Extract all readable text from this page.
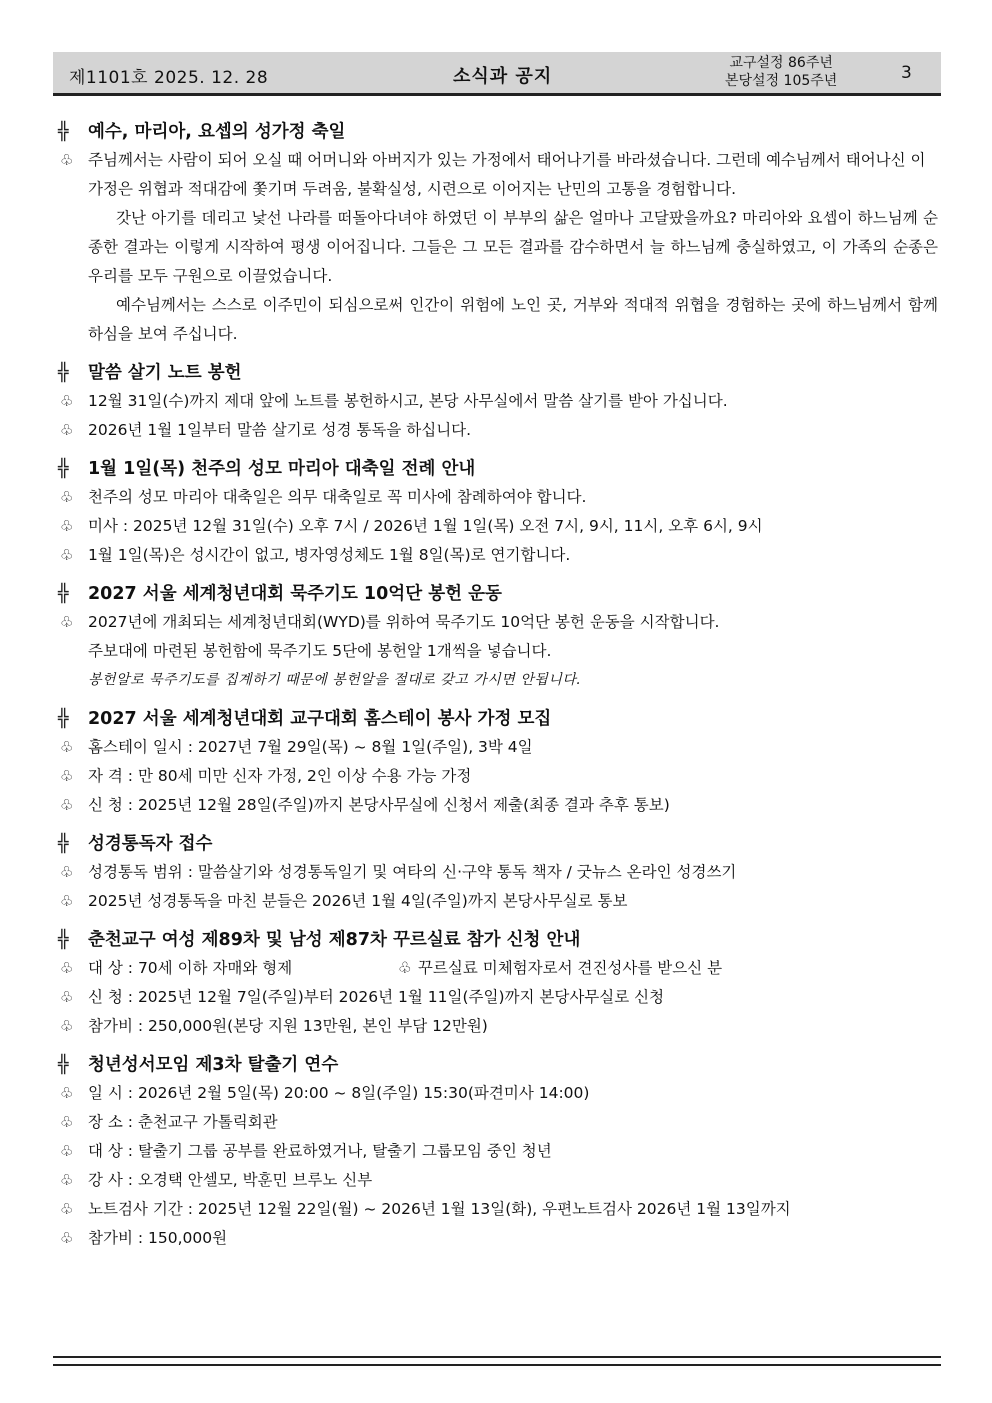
제1101호 2025. 12. 28	소식과 공지
교구설정 86주년
본당설정 105주년	3
╬ 예수, 마리아, 요셉의 성가정 축일
♧ 주님께서는 사람이 되어 오실 때 어머니와 아버지가 있는 가정에서 태어나기를 바라셨습니다. 그런데 예수님께서 태어나신 이 가정은 위협과 적대감에 쫓기며 두려움, 불확실성, 시련으로 이어지는 난민의 고통을 경험합니다.
갓난 아기를 데리고 낯선 나라를 떠돌아다녀야 하였던 이 부부의 삶은 얼마나 고달팠을까요? 마리아와 요셉이 하느님께 순종한 결과는 이렇게 시작하여 평생 이어집니다. 그들은 그 모든 결과를 감수하면서 늘 하느님께 충실하였고, 이 가족의 순종은 우리를 모두 구원으로 이끌었습니다.
예수님께서는 스스로 이주민이 되심으로써 인간이 위험에 노인 곳, 거부와 적대적 위협을 경험하는 곳에 하느님께서 함께 하심을 보여 주십니다.
╬ 말씀 살기 노트 봉헌
♧ 12월 31일(수)까지 제대 앞에 노트를 봉헌하시고, 본당 사무실에서 말씀 살기를 받아 가십니다.
♧ 2026년 1월 1일부터 말씀 살기로 성경 통독을 하십니다.
╬ 1월 1일(목) 천주의 성모 마리아 대축일 전례 안내
♧ 천주의 성모 마리아 대축일은 의무 대축일로 꼭 미사에 참례하여야 합니다.
♧ 미사 : 2025년 12월 31일(수) 오후 7시 / 2026년 1월 1일(목) 오전 7시, 9시, 11시, 오후 6시, 9시
♧ 1월 1일(목)은 성시간이 없고, 병자영성체도 1월 8일(목)로 연기합니다.
╬ 2027 서울 세계청년대회 묵주기도 10억단 봉헌 운동
♧ 2027년에 개최되는 세계청년대회(WYD)를 위하여 묵주기도 10억단 봉헌 운동을 시작합니다.
주보대에 마련된 봉헌함에 묵주기도 5단에 봉헌알 1개씩을 넣습니다.
봉헌알로 묵주기도를 집계하기 때문에 봉헌알을 절대로 갖고 가시면 안됩니다.
╬ 2027 서울 세계청년대회 교구대회 홈스테이 봉사 가정 모집
♧ 홈스테이 일시 : 2027년 7월 29일(목) ~ 8월 1일(주일), 3박 4일
♧ 자 격 : 만 80세 미만 신자 가정, 2인 이상 수용 가능 가정
♧ 신 청 : 2025년 12월 28일(주일)까지 본당사무실에 신청서 제출(최종 결과 추후 통보)
╬ 성경통독자 접수
♧ 성경통독 범위 : 말씀살기와 성경통독일기 및 여타의 신·구약 통독 책자 / 굿뉴스 온라인 성경쓰기
♧ 2025년 성경통독을 마친 분들은 2026년 1월 4일(주일)까지 본당사무실로 통보
╬ 춘천교구 여성 제89차 및 남성 제87차 꾸르실료 참가 신청 안내
♧ 대 상 : 70세 이하 자매와 형제	♧ 꾸르실료 미체험자로서 견진성사를 받으신 분
♧ 신 청 : 2025년 12월 7일(주일)부터 2026년 1월 11일(주일)까지 본당사무실로 신청
♧ 참가비 : 250,000원(본당 지원 13만원, 본인 부담 12만원)
╬ 청년성서모임 제3차 탈출기 연수
♧ 일 시 : 2026년 2월 5일(목) 20:00 ~ 8일(주일) 15:30(파견미사 14:00)
♧ 장 소 : 춘천교구 가톨릭회관
♧ 대 상 : 탈출기 그룹 공부를 완료하였거나, 탈출기 그룹모임 중인 청년
♧ 강 사 : 오경택 안셀모, 박훈민 브루노 신부
♧ 노트검사 기간 : 2025년 12월 22일(월) ~ 2026년 1월 13일(화), 우편노트검사 2026년 1월 13일까지
♧ 참가비 : 150,000원
